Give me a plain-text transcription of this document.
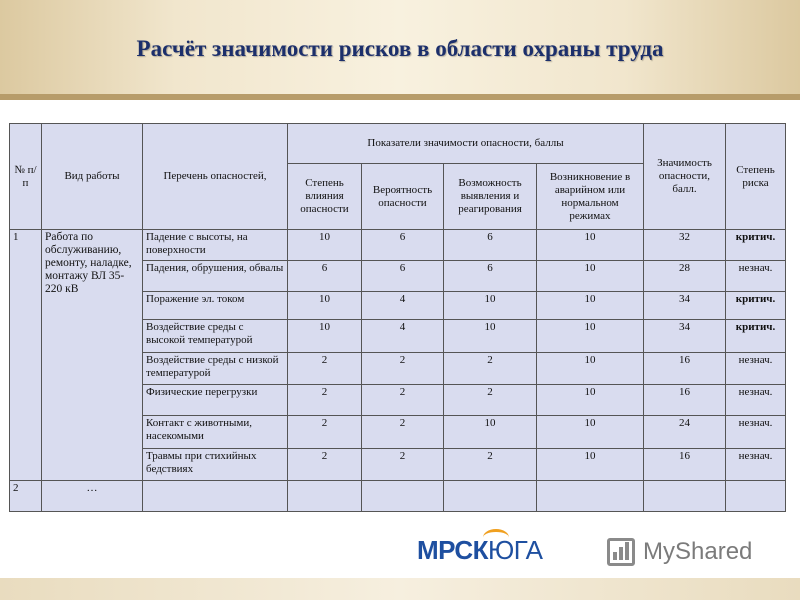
Расчёт значимости рисков в области охраны труда
№ п/п	Вид работы	Перечень опасностей,	Показатели значимости опасности, баллы				Значимость опасности, балл.	Степень риска
			Степень влияния опасности	Вероятность опасности	Возможность выявления и реагирования	Возникновение в аварийном или нормальном режимах		
1	Работа по обслуживанию, ремонту, наладке, монтажу ВЛ 35-220 кВ	Падение с высоты, на поверхности	10	6	6	10	32	критич.
		Падения, обрушения, обвалы	6	6	6	10	28	незнач.
		Поражение эл. током	10	4	10	10	34	критич.
		Воздействие среды с высокой температурой	10	4	10	10	34	критич.
		Воздействие среды с низкой температурой	2	2	2	10	16	незнач.
		Физические перегрузки	2	2	2	10	16	незнач.
		Контакт с животными, насекомыми	2	2	10	10	24	незнач.
		Травмы при стихийных бедствиях	2	2	2	10	16	незнач.
2	…							
МРСКЮГА	MyShared
